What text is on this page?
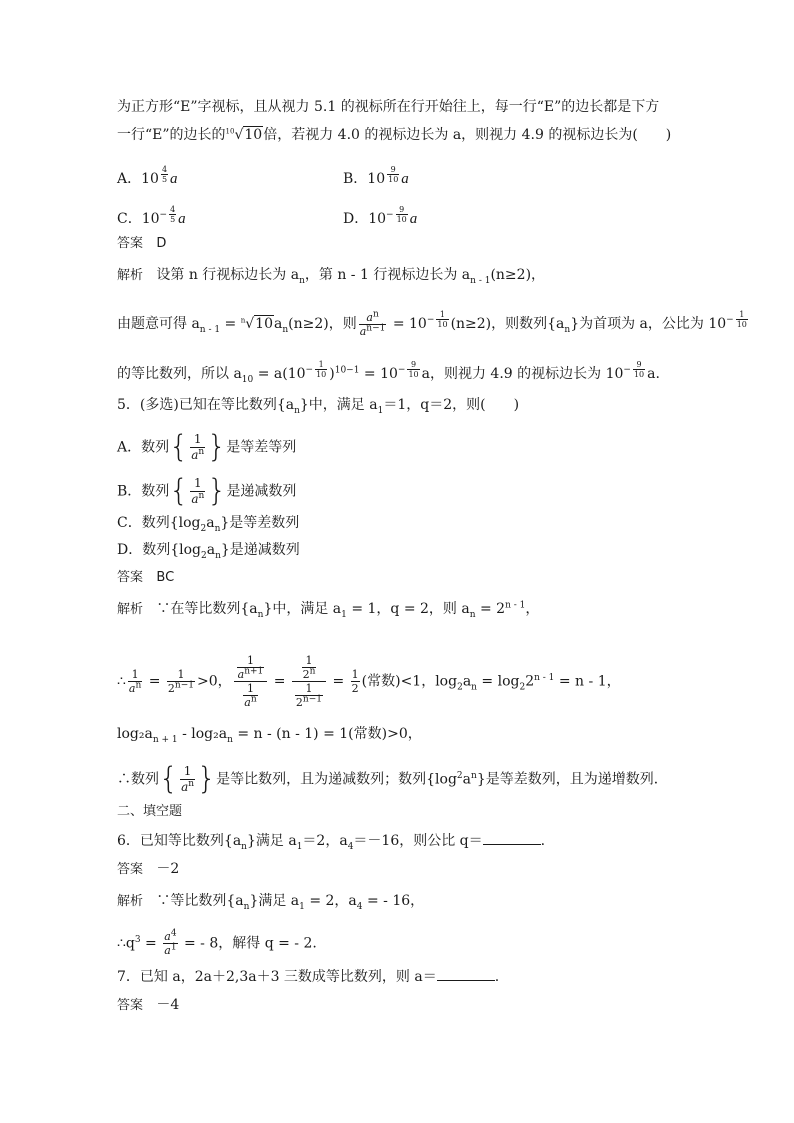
为正方形“E”字视标，且从视力 5.1 的视标所在行开始往上，每一行“E”的边长都是下方
一行“E”的边长的$^{10}$√10倍，若视力 4.0 的视标边长为 a，则视力 4.9 的视标边长为(　　)
A．$10 \frac{4}{5}$ a	B．$10 \frac{9}{10}$ a
C．$10- \frac{4}{5}$ a	D．$10- \frac{9}{10}$ a
答案 D
解析 设第 n 行视标边长为 $a_n$，第 n - 1 行视标边长为 $a_{n - 1}(n\ge 2)$，
由题意可得 $a_{n - 1} = ^n√10a_n(n\ge 2)$，则 $\frac{a^n}{a^{n-1}} = 10- \frac{1}{10} (n\ge 2)$，则数列$\{a_n\}$为首项为 a，公比为 $10- \frac{1}{10}$
的等比数列，所以 $a_{10} = a(10- \frac{1}{10} )^{10-1} = 10- \frac{9}{10}$ a，则视力 4.9 的视标边长为 $10- \frac{9}{10} a$.
5．(多选)已知在等比数列$\{a_n\}$中，满足 $a_1=1$，q＝2，则(　　)
A．数列{ $\frac{1}{a^n}$ }是等差等列
B．数列{ $\frac{1}{a^n}$ }是递减数列
C．数列$\{\log_2a_n\}$是等差数列
D．数列$\{\log_2a_n\}$是递减数列
答案 BC
解析 ∵在等比数列$\{a_n\}$中，满足 $a_1 = 1$，q = 2，则 $a_n = 2^{n - 1}$，
∴ $\frac{1}{a^n} = \frac{1}{2^{n-1}} >0$， $\frac{\frac{1}{a^{n+1}}}{\frac{1}{a^n}} = \frac{\frac{1}{2^n}}{\frac{1}{2^{n-1}}} = \frac{1}{2}$ (常数)<1，$\log_2a_n = \log_22^{n - 1} = n - 1$，
$\log_2a_{n + 1} - \log_2a_n = n - (n - 1) = 1$(常数)>0，
∴数列{ $\frac{1}{a^n}$ }是等比数列，且为递减数列；数列$\{\log^2a^n\}$是等差数列，且为递增数列．
二、填空题
6．已知等比数列$\{a_n\}$满足 $a_1=2$，$a_4=-16$，则公比 q＝	.
答案 －2
解析 ∵等比数列$\{a_n\}$满足 $a_1 = 2$，$a_4$ = - 16，
$\therefore q^3 = \frac{a^4}{a^1}$ = - 8，解得 q = - 2.
7．已知 a，2a＋2,3a＋3 三数成等比数列，则 a＝	.
答案 －4
